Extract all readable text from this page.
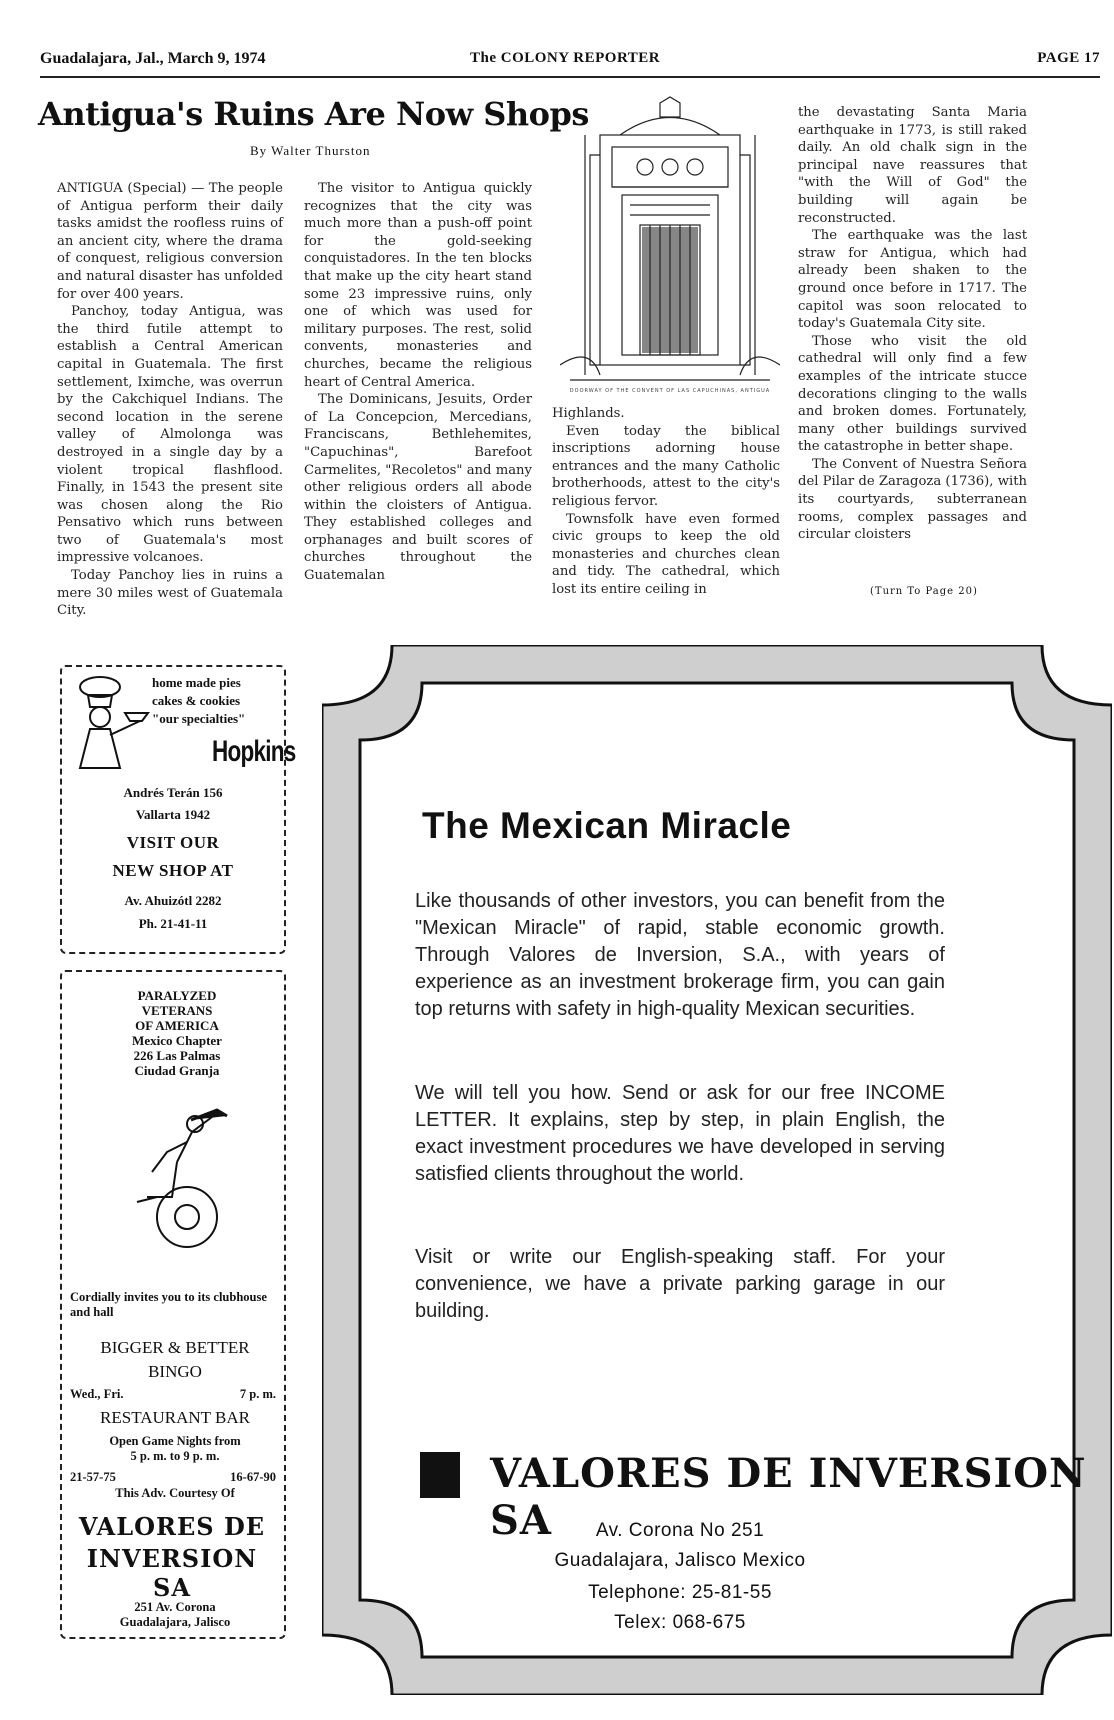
Guadalajara, Jal., March 9, 1974	The COLONY REPORTER	PAGE 17
Antigua's Ruins Are Now Shops
By Walter Thurston

ANTIGUA (Special) — The people of Antigua perform their daily tasks amidst the roofless ruins of an ancient city, where the drama of conquest, religious conversion and natural disaster has unfolded for over 400 years.

Panchoy, today Antigua, was the third futile attempt to establish a Central American capital in Guatemala. The first settlement, Iximche, was overrun by the Cakchiquel Indians. The second location in the serene valley of Almolonga was destroyed in a single day by a violent tropical flashflood. Finally, in 1543 the present site was chosen along the Rio Pensativo which runs between two of Guatemala's most impressive volcanoes.

Today Panchoy lies in ruins a mere 30 miles west of Guatemala City.

The visitor to Antigua quickly recognizes that the city was much more than a push-off point for the gold-seeking conquistadores. In the ten blocks that make up the city heart stand some 23 impressive ruins, only one of which was used for military purposes. The rest, solid convents, monasteries and churches, became the religious heart of Central America.

The Dominicans, Jesuits, Order of La Concepcion, Mercedians, Franciscans, Bethlehemites, "Capuchinas", Barefoot Carmelites, "Recoletos" and many other religious orders all abode within the cloisters of Antigua. They established colleges and orphanages and built scores of churches throughout the Guatemalan

DOORWAY OF THE CONVENT OF LAS CAPUCHINAS, ANTIGUA

Highlands.

Even today the biblical inscriptions adorning house entrances and the many Catholic brotherhoods, attest to the city's religious fervor.

Townsfolk have even formed civic groups to keep the old monasteries and churches clean and tidy. The cathedral, which lost its entire ceiling in

the devastating Santa Maria earthquake in 1773, is still raked daily. An old chalk sign in the principal nave reassures that "with the Will of God" the building will again be reconstructed.

The earthquake was the last straw for Antigua, which had already been shaken to the ground once before in 1717. The capitol was soon relocated to today's Guatemala City site.

Those who visit the old cathedral will only find a few examples of the intricate stucce decorations clinging to the walls and broken domes. Fortunately, many other buildings survived the catastrophe in better shape.

The Convent of Nuestra Señora del Pilar de Zaragoza (1736), with its courtyards, subterranean rooms, complex passages and circular cloisters

(Turn To Page 20)
home made pies
cakes & cookies
"our specialties"
Hopkins
Andrés Terán 156
Vallarta 1942
VISIT OUR
NEW SHOP AT
Av. Ahuizótl 2282
Ph. 21-41-11
PARALYZED
VETERANS
OF AMERICA
Mexico Chapter
226 Las Palmas
Ciudad Granja
Cordially invites you to its clubhouse and hall
BIGGER & BETTER
BINGO
Wed., Fri.	7 p. m.
RESTAURANT BAR
Open Game Nights from
5 p. m. to 9 p. m.
21-57-75	16-67-90
This Adv. Courtesy Of
VALORES DE
INVERSION SA
251 Av. Corona
Guadalajara, Jalisco
The Mexican Miracle
Like thousands of other investors, you can benefit from the "Mexican Miracle" of rapid, stable economic growth. Through Valores de Inversion, S.A., with years of experience as an investment brokerage firm, you can gain top returns with safety in high-quality Mexican securities.
We will tell you how. Send or ask for our free INCOME LETTER. It explains, step by step, in plain English, the exact investment procedures we have developed in serving satisfied clients throughout the world.
Visit or write our English-speaking staff. For your convenience, we have a private parking garage in our building.
VALORES DE INVERSION SA	Av. Corona No 251
Guadalajara, Jalisco Mexico
Telephone: 25-81-55
Telex: 068-675
